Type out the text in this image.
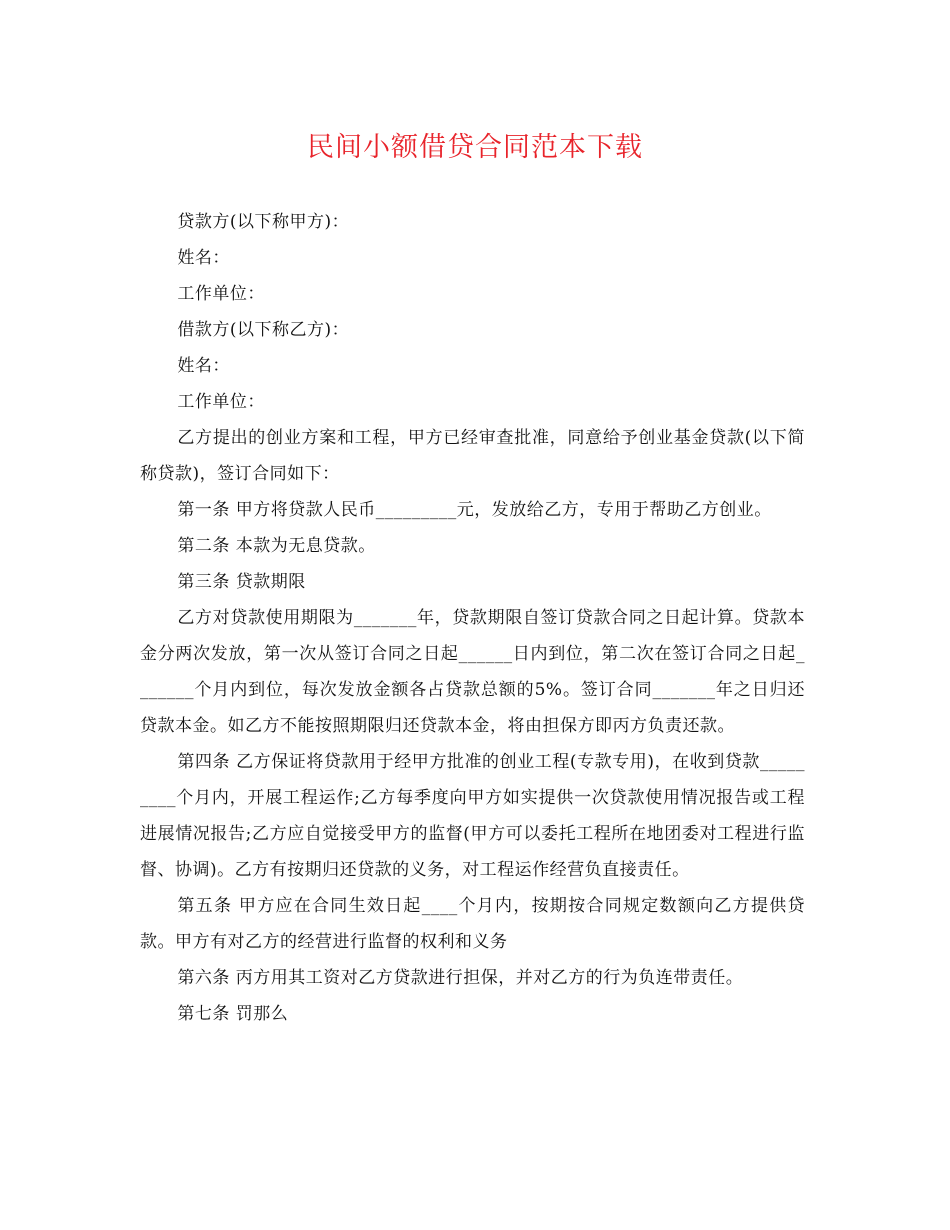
民间小额借贷合同范本下载

贷款方(以下称甲方)：

姓名：

工作单位：

借款方(以下称乙方)：

姓名：

工作单位：

乙方提出的创业方案和工程，甲方已经审查批准，同意给予创业基金贷款(以下简称贷款)，签订合同如下：

第一条 甲方将贷款人民币_________元，发放给乙方，专用于帮助乙方创业。

第二条 本款为无息贷款。

第三条 贷款期限

乙方对贷款使用期限为_______年，贷款期限自签订贷款合同之日起计算。贷款本金分两次发放，第一次从签订合同之日起______日内到位，第二次在签订合同之日起_______个月内到位，每次发放金额各占贷款总额的5%。签订合同_______年之日归还贷款本金。如乙方不能按照期限归还贷款本金，将由担保方即丙方负责还款。

第四条 乙方保证将贷款用于经甲方批准的创业工程(专款专用)，在收到贷款_________个月内，开展工程运作;乙方每季度向甲方如实提供一次贷款使用情况报告或工程进展情况报告;乙方应自觉接受甲方的监督(甲方可以委托工程所在地团委对工程进行监督、协调)。乙方有按期归还贷款的义务，对工程运作经营负直接责任。

第五条 甲方应在合同生效日起____个月内，按期按合同规定数额向乙方提供贷款。甲方有对乙方的经营进行监督的权利和义务

第六条 丙方用其工资对乙方贷款进行担保，并对乙方的行为负连带责任。

第七条 罚那么
